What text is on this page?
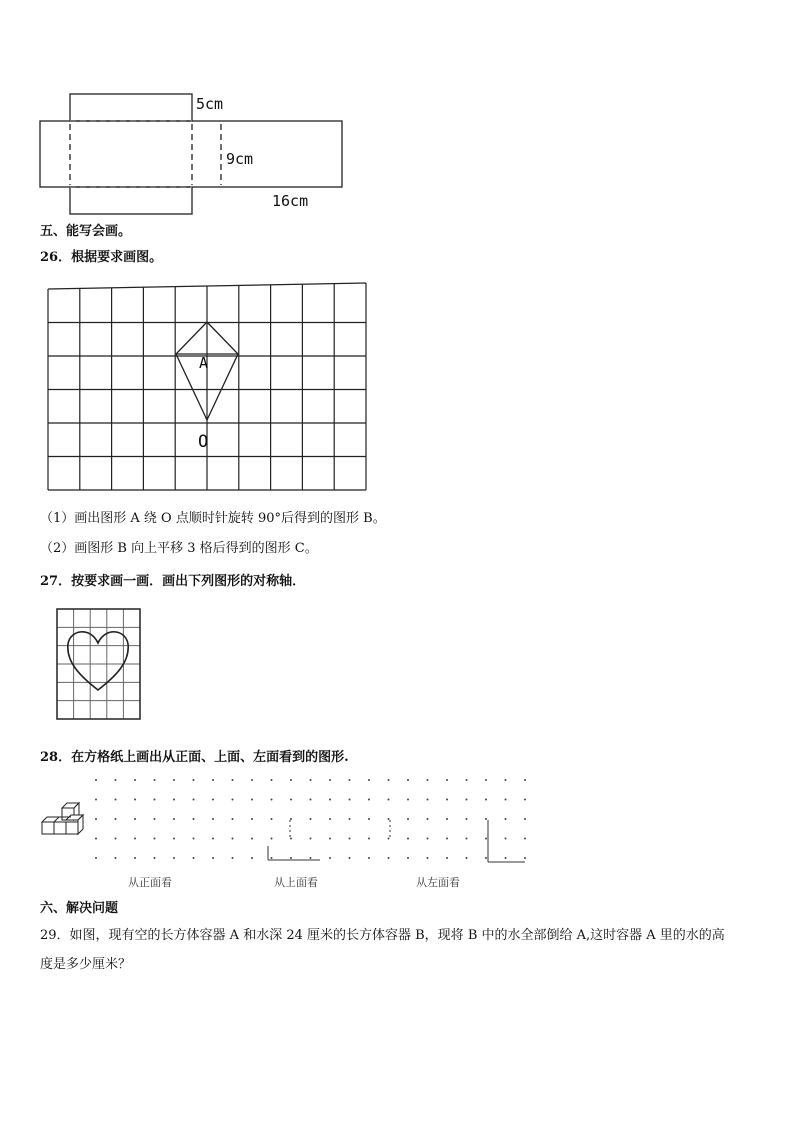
5cm
9cm
16cm
五、能写会画。
26．根据要求画图。
A
O
（1）画出图形 A 绕 O 点顺时针旋转 90°后得到的图形 B。
（2）画图形 B 向上平移 3 格后得到的图形 C。
27．按要求画一画．画出下列图形的对称轴．
28．在方格纸上画出从正面、上面、左面看到的图形.
从正面看	从上面看	从左面看
六、解决问题
29．如图，现有空的长方体容器 A 和水深 24 厘米的长方体容器 B，现将 B 中的水全部倒给 A,这时容器 A 里的水的高
度是多少厘米？
